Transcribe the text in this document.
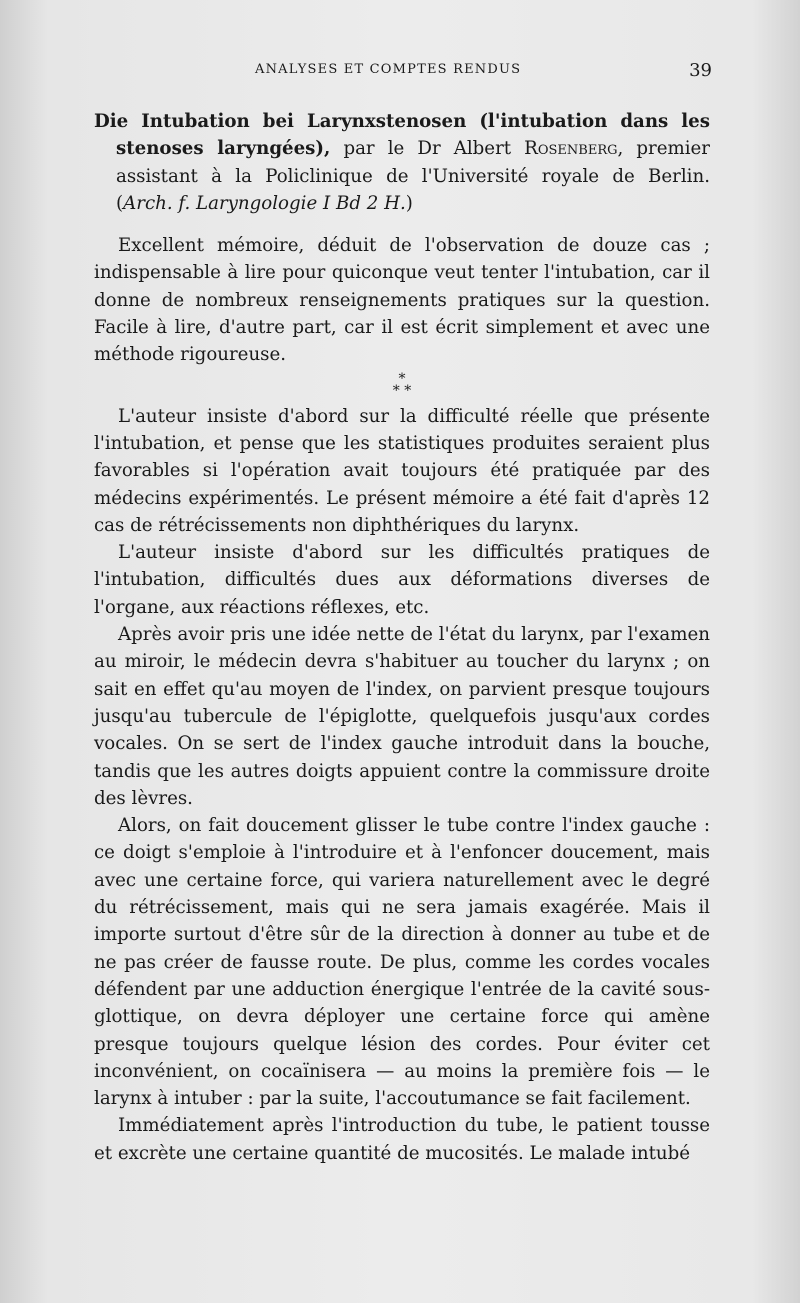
ANALYSES ET COMPTES RENDUS	39

Die Intubation bei Larynxstenosen (l'intubation dans les stenoses laryngées), par le Dr Albert Rosenberg, premier assistant à la Policlinique de l'Université royale de Berlin. (Arch. f. Laryngologie I Bd 2 H.)

Excellent mémoire, déduit de l'observation de douze cas ; indispensable à lire pour quiconque veut tenter l'intubation, car il donne de nombreux renseignements pratiques sur la question. Facile à lire, d'autre part, car il est écrit simplement et avec une méthode rigoureuse.

*
* *

L'auteur insiste d'abord sur la difficulté réelle que présente l'intubation, et pense que les statistiques produites seraient plus favorables si l'opération avait toujours été pratiquée par des médecins expérimentés. Le présent mémoire a été fait d'après 12 cas de rétrécissements non diphthériques du larynx.

L'auteur insiste d'abord sur les difficultés pratiques de l'intubation, difficultés dues aux déformations diverses de l'organe, aux réactions réflexes, etc.

Après avoir pris une idée nette de l'état du larynx, par l'examen au miroir, le médecin devra s'habituer au toucher du larynx ; on sait en effet qu'au moyen de l'index, on parvient presque toujours jusqu'au tubercule de l'épiglotte, quelquefois jusqu'aux cordes vocales. On se sert de l'index gauche introduit dans la bouche, tandis que les autres doigts appuient contre la commissure droite des lèvres.

Alors, on fait doucement glisser le tube contre l'index gauche : ce doigt s'emploie à l'introduire et à l'enfoncer doucement, mais avec une certaine force, qui variera naturellement avec le degré du rétrécissement, mais qui ne sera jamais exagérée. Mais il importe surtout d'être sûr de la direction à donner au tube et de ne pas créer de fausse route. De plus, comme les cordes vocales défendent par une adduction énergique l'entrée de la cavité sous-glottique, on devra déployer une certaine force qui amène presque toujours quelque lésion des cordes. Pour éviter cet inconvénient, on cocaïnisera — au moins la première fois — le larynx à intuber : par la suite, l'accoutumance se fait facilement.

Immédiatement après l'introduction du tube, le patient tousse et excrète une certaine quantité de mucosités. Le malade intubé
